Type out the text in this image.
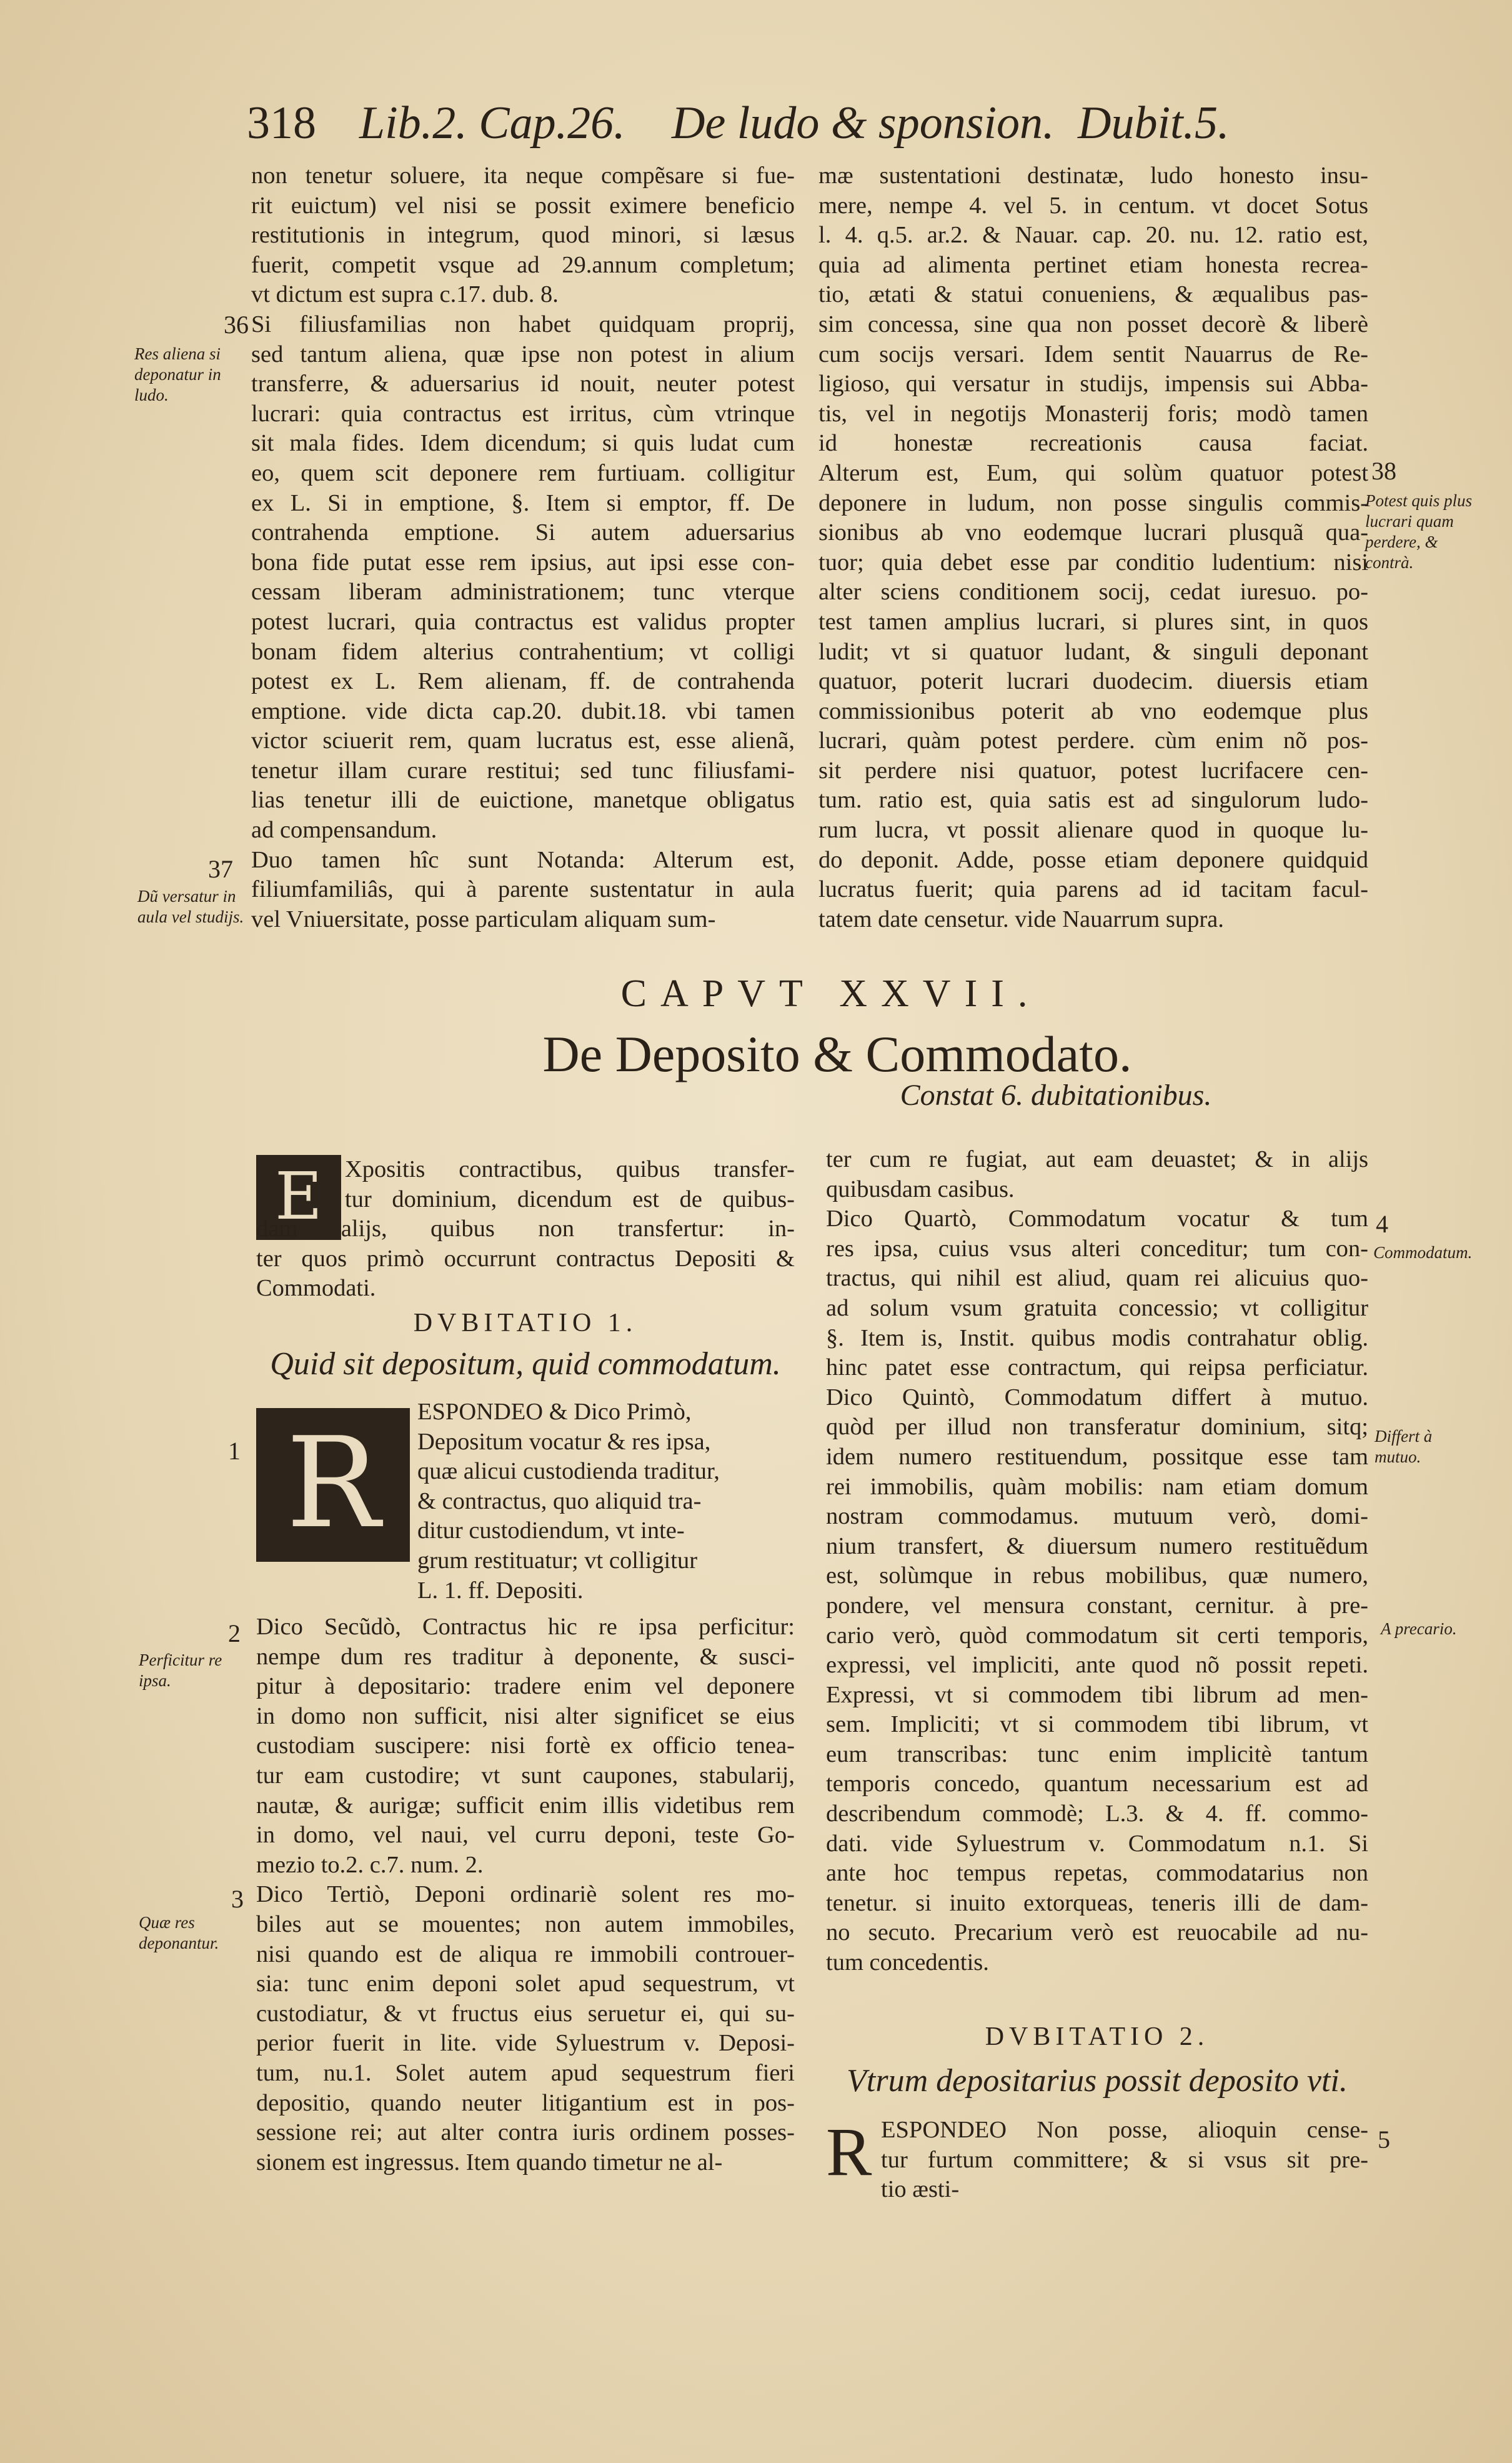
318 Lib.2. Cap.26. De ludo & sponsion. Dubit.5.
non tenetur soluere, ita neque compẽsare si fue-
rit euictum) vel nisi se possit eximere beneficio
restitutionis in integrum, quod minori, si læsus
fuerit, competit vsque ad 29.annum completum;
vt dictum est supra c.17. dub. 8.
Si filiusfamilias non habet quidquam proprij,
sed tantum aliena, quæ ipse non potest in alium
transferre, & aduersarius id nouit, neuter potest
lucrari: quia contractus est irritus, cùm vtrinque
sit mala fides. Idem dicendum; si quis ludat cum
eo, quem scit deponere rem furtiuam. colligitur
ex L. Si in emptione, §. Item si emptor, ff. De
contrahenda emptione. Si autem aduersarius
bona fide putat esse rem ipsius, aut ipsi esse con-
cessam liberam administrationem; tunc vterque
potest lucrari, quia contractus est validus propter
bonam fidem alterius contrahentium; vt colligi
potest ex L. Rem alienam, ff. de contrahenda
emptione. vide dicta cap.20. dubit.18. vbi tamen
victor sciuerit rem, quam lucratus est, esse alienã,
tenetur illam curare restitui; sed tunc filiusfami-
lias tenetur illi de euictione, manetque obligatus
ad compensandum.
Duo tamen hîc sunt Notanda: Alterum est,
filiumfamiliâs, qui à parente sustentatur in aula
vel Vniuersitate, posse particulam aliquam sum-
mæ sustentationi destinatæ, ludo honesto insu-
mere, nempe 4. vel 5. in centum. vt docet Sotus
l. 4. q.5. ar.2. & Nauar. cap. 20. nu. 12. ratio est,
quia ad alimenta pertinet etiam honesta recrea-
tio, ætati & statui conueniens, & æqualibus pas-
sim concessa, sine qua non posset decorè & liberè
cum socijs versari. Idem sentit Nauarrus de Re-
ligioso, qui versatur in studijs, impensis sui Abba-
tis, vel in negotijs Monasterij foris; modò tamen
id honestæ recreationis causa faciat.
Alterum est, Eum, qui solùm quatuor potest
deponere in ludum, non posse singulis commis-
sionibus ab vno eodemque lucrari plusquã qua-
tuor; quia debet esse par conditio ludentium: nisi
alter sciens conditionem socij, cedat iuresuo. po-
test tamen amplius lucrari, si plures sint, in quos
ludit; vt si quatuor ludant, & singuli deponant
quatuor, poterit lucrari duodecim. diuersis etiam
commissionibus poterit ab vno eodemque plus
lucrari, quàm potest perdere. cùm enim nõ pos-
sit perdere nisi quatuor, potest lucrifacere cen-
tum. ratio est, quia satis est ad singulorum ludo-
rum lucra, vt possit alienare quod in quoque lu-
do deponit. Adde, posse etiam deponere quidquid
lucratus fuerit; quia parens ad id tacitam facul-
tatem date censetur. vide Nauarrum supra.
36
Res aliena si deponatur in ludo.
37
Dũ versatur in aula vel studijs.
38
Potest quis plus lucrari quam perdere, & contrà.
CAPVT XXVII.
De Deposito & Commodato.
Constat 6. dubitationibus.
E Xpositis contractibus, quibus transfer-
tur dominium, dicendum est de quibus-
dam alijs, quibus non transfertur: in-
ter quos primò occurrunt contractus Depositi &
Commodati.
DVBITATIO 1.
Quid sit depositum, quid commodatum.
R	ESPONDEO & Dico Primò,
Depositum vocatur & res ipsa,
quæ alicui custodienda traditur,
& contractus, quo aliquid tra-
ditur custodiendum, vt inte-
grum restituatur; vt colligitur
L. 1. ff. Depositi.
Dico Secũdò, Contractus hic re ipsa perficitur:
nempe dum res traditur à deponente, & susci-
pitur à depositario: tradere enim vel deponere
in domo non sufficit, nisi alter significet se eius
custodiam suscipere: nisi fortè ex officio tenea-
tur eam custodire; vt sunt caupones, stabularij,
nautæ, & aurigæ; sufficit enim illis videtibus rem
in domo, vel naui, vel curru deponi, teste Go-
mezio to.2. c.7. num. 2.
Dico Tertiò, Deponi ordinariè solent res mo-
biles aut se mouentes; non autem immobiles,
nisi quando est de aliqua re immobili controuer-
sia: tunc enim deponi solet apud sequestrum, vt
custodiatur, & vt fructus eius seruetur ei, qui su-
perior fuerit in lite. vide Syluestrum v. Deposi-
tum, nu.1. Solet autem apud sequestrum fieri
depositio, quando neuter litigantium est in pos-
sessione rei; aut alter contra iuris ordinem posses-
sionem est ingressus. Item quando timetur ne al-
1
2
Perficitur re ipsa.
3
Quæ res deponantur.
ter cum re fugiat, aut eam deuastet; & in alijs
quibusdam casibus.
Dico Quartò, Commodatum vocatur & tum
res ipsa, cuius vsus alteri conceditur; tum con-
tractus, qui nihil est aliud, quam rei alicuius quo-
ad solum vsum gratuita concessio; vt colligitur
§. Item is, Instit. quibus modis contrahatur oblig.
hinc patet esse contractum, qui reipsa perficiatur.
Dico Quintò, Commodatum differt à mutuo.
quòd per illud non transferatur dominium, sitq;
idem numero restituendum, possitque esse tam
rei immobilis, quàm mobilis: nam etiam domum
nostram commodamus. mutuum verò, domi-
nium transfert, & diuersum numero restituẽdum
est, solùmque in rebus mobilibus, quæ numero,
pondere, vel mensura constant, cernitur. à pre-
cario verò, quòd commodatum sit certi temporis,
expressi, vel impliciti, ante quod nõ possit repeti.
Expressi, vt si commodem tibi librum ad men-
sem. Impliciti; vt si commodem tibi librum, vt
eum transcribas: tunc enim implicitè tantum
temporis concedo, quantum necessarium est ad
describendum commodè; L.3. & 4. ff. commo-
dati. vide Syluestrum v. Commodatum n.1. Si
ante hoc tempus repetas, commodatarius non
tenetur. si inuito extorqueas, teneris illi de dam-
no secuto. Precarium verò est reuocabile ad nu-
tum concedentis.
DVBITATIO 2.
Vtrum depositarius possit deposito vti.
R ESPONDEO Non posse, alioquin cense-
tur furtum committere; & si vsus sit pre-
tio æsti-
4
Commodatum.
Differt à mutuo.
A precario.
5
